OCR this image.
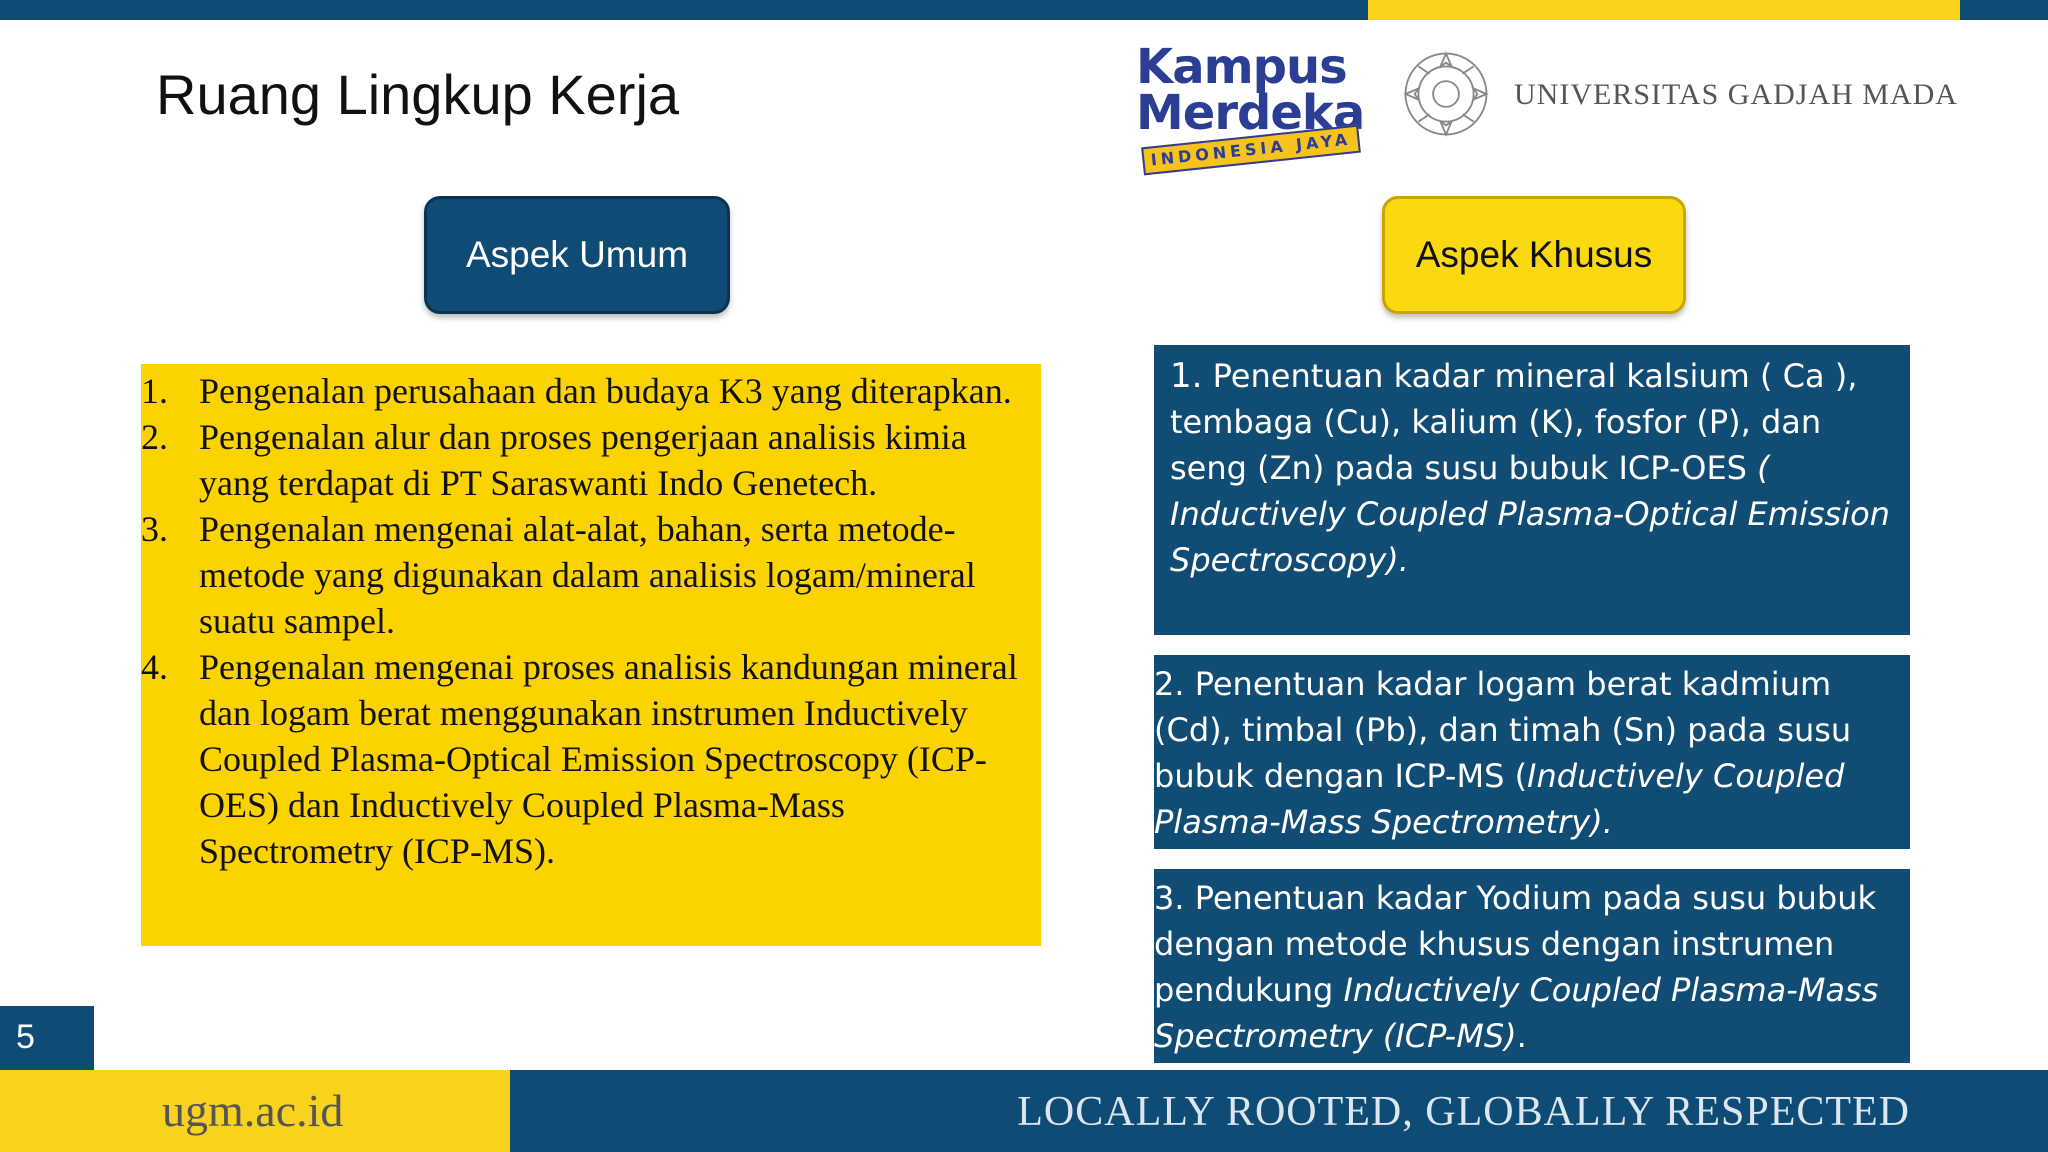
Ruang Lingkup Kerja	Kampus
Merdeka
INDONESIA JAYA
UNIVERSITAS GADJAH MADA
Aspek Umum	Aspek Khusus
1. Pengenalan perusahaan dan budaya K3 yang diterapkan.
2. Pengenalan alur dan proses pengerjaan analisis kimia yang terdapat di PT Saraswanti Indo Genetech.
3. Pengenalan mengenai alat-alat, bahan, serta metode-metode yang digunakan dalam analisis logam/mineral suatu sampel.
4. Pengenalan mengenai proses analisis kandungan mineral dan logam berat menggunakan instrumen Inductively Coupled Plasma-Optical Emission Spectroscopy (ICP-OES) dan Inductively Coupled Plasma-Mass Spectrometry (ICP-MS).
1. Penentuan kadar mineral kalsium ( Ca ), tembaga (Cu), kalium (K), fosfor (P), dan seng (Zn) pada susu bubuk ICP-OES ( Inductively Coupled Plasma-Optical Emission Spectroscopy).
2. Penentuan kadar logam berat kadmium (Cd), timbal (Pb), dan timah (Sn) pada susu bubuk dengan ICP-MS (Inductively Coupled Plasma-Mass Spectrometry).
3. Penentuan kadar Yodium pada susu bubuk dengan metode khusus dengan instrumen pendukung Inductively Coupled Plasma-Mass Spectrometry (ICP-MS).
5
ugm.ac.id	LOCALLY ROOTED, GLOBALLY RESPECTED
